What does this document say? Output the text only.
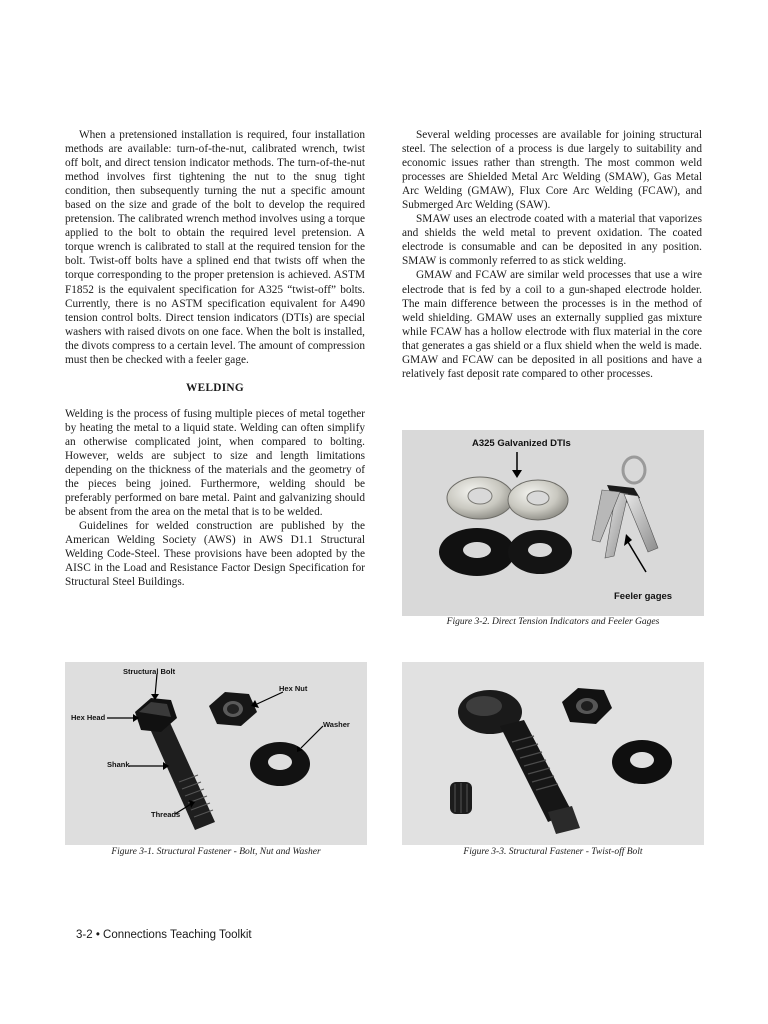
When a pretensioned installation is required, four installation methods are available: turn-of-the-nut, calibrated wrench, twist off bolt, and direct tension indicator methods. The turn-of-the-nut method involves first tightening the nut to the snug tight condition, then subsequently turning the nut a specific amount based on the size and grade of the bolt to develop the required pretension. The calibrated wrench method involves using a torque applied to the bolt to obtain the required level pretension. A torque wrench is calibrated to stall at the required tension for the bolt. Twist-off bolts have a splined end that twists off when the torque corresponding to the proper pretension is achieved. ASTM F1852 is the equivalent specification for A325 “twist-off” bolts. Currently, there is no ASTM specification equivalent for A490 tension control bolts. Direct tension indicators (DTIs) are special washers with raised divots on one face. When the bolt is installed, the divots compress to a certain level. The amount of compression must then be checked with a feeler gage.

WELDING

Welding is the process of fusing multiple pieces of metal together by heating the metal to a liquid state. Welding can often simplify an otherwise complicated joint, when compared to bolting. However, welds are subject to size and length limitations depending on the thickness of the materials and the geometry of the pieces being joined. Furthermore, welding should be preferably performed on bare metal. Paint and galvanizing should be absent from the area on the metal that is to be welded.

Guidelines for welded construction are published by the American Welding Society (AWS) in AWS D1.1 Structural Welding Code-Steel. These provisions have been adopted by the AISC in the Load and Resistance Factor Design Specification for Structural Steel Buildings.

Several welding processes are available for joining structural steel. The selection of a process is due largely to suitability and economic issues rather than strength. The most common weld processes are Shielded Metal Arc Welding (SMAW), Gas Metal Arc Welding (GMAW), Flux Core Arc Welding (FCAW), and Submerged Arc Welding (SAW).

SMAW uses an electrode coated with a material that vaporizes and shields the weld metal to prevent oxidation. The coated electrode is consumable and can be deposited in any position. SMAW is commonly referred to as stick welding.

GMAW and FCAW are similar weld processes that use a wire electrode that is fed by a coil to a gun-shaped electrode holder. The main difference between the processes is in the method of weld shielding. GMAW uses an externally supplied gas mixture while FCAW has a hollow electrode with flux material in the core that generates a gas shield or a flux shield when the weld is made. GMAW and FCAW can be deposited in all positions and have a relatively fast deposit rate compared to other processes.

A325 Galvanized DTIs
Feeler gages
Figure 3-2. Direct Tension Indicators and Feeler Gages
Structural Bolt
Hex Nut
Washer
Hex Head
Shank
Threads
Figure 3-1. Structural Fastener - Bolt, Nut and Washer	Figure 3-3. Structural Fastener - Twist-off Bolt
3-2 • Connections Teaching Toolkit
